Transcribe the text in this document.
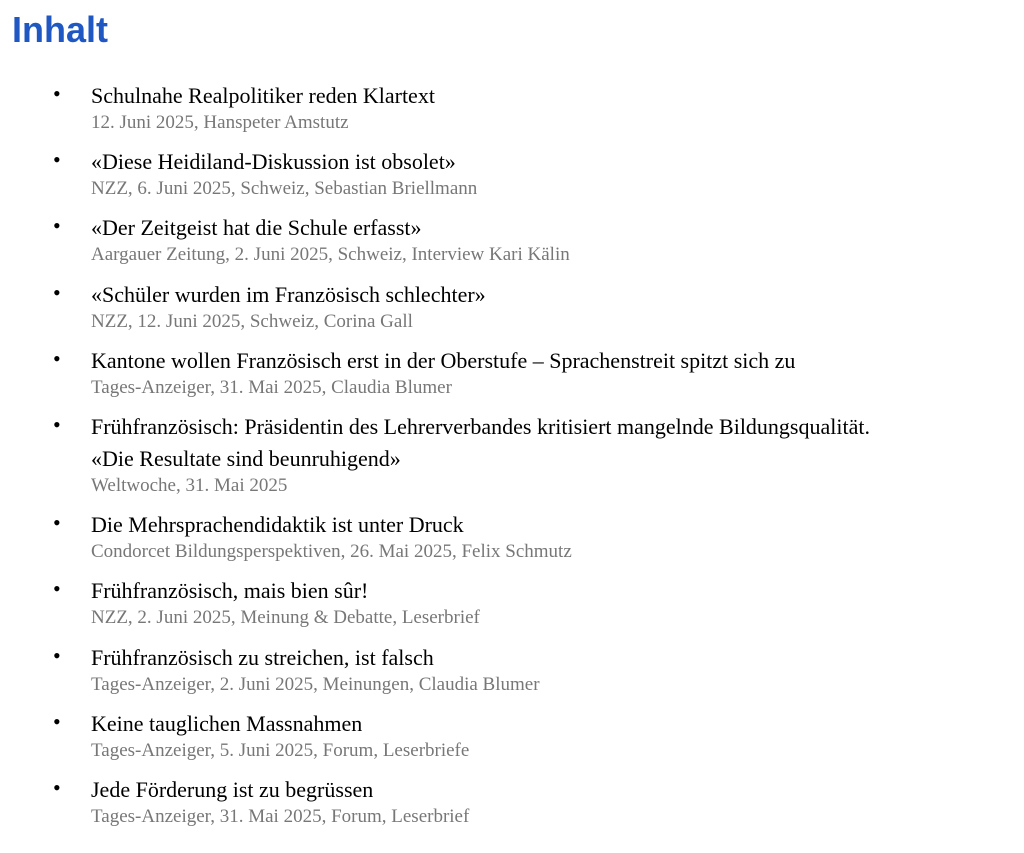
Inhalt
• Schulnahe Realpolitiker reden Klartext
12. Juni 2025, Hanspeter Amstutz
• «Diese Heidiland-Diskussion ist obsolet»
NZZ, 6. Juni 2025, Schweiz, Sebastian Briellmann
• «Der Zeitgeist hat die Schule erfasst»
Aargauer Zeitung, 2. Juni 2025, Schweiz, Interview Kari Kälin
• «Schüler wurden im Französisch schlechter»
NZZ, 12. Juni 2025, Schweiz, Corina Gall
• Kantone wollen Französisch erst in der Oberstufe – Sprachenstreit spitzt sich zu
Tages-Anzeiger, 31. Mai 2025, Claudia Blumer
• Frühfranzösisch: Präsidentin des Lehrerverbandes kritisiert mangelnde Bildungsqualität.
«Die Resultate sind beunruhigend»
Weltwoche, 31. Mai 2025
• Die Mehrsprachendidaktik ist unter Druck
Condorcet Bildungsperspektiven, 26. Mai 2025, Felix Schmutz
• Frühfranzösisch, mais bien sûr!
NZZ, 2. Juni 2025, Meinung & Debatte, Leserbrief
• Frühfranzösisch zu streichen, ist falsch
Tages-Anzeiger, 2. Juni 2025, Meinungen, Claudia Blumer
• Keine tauglichen Massnahmen
Tages-Anzeiger, 5. Juni 2025, Forum, Leserbriefe
• Jede Förderung ist zu begrüssen
Tages-Anzeiger, 31. Mai 2025, Forum, Leserbrief
